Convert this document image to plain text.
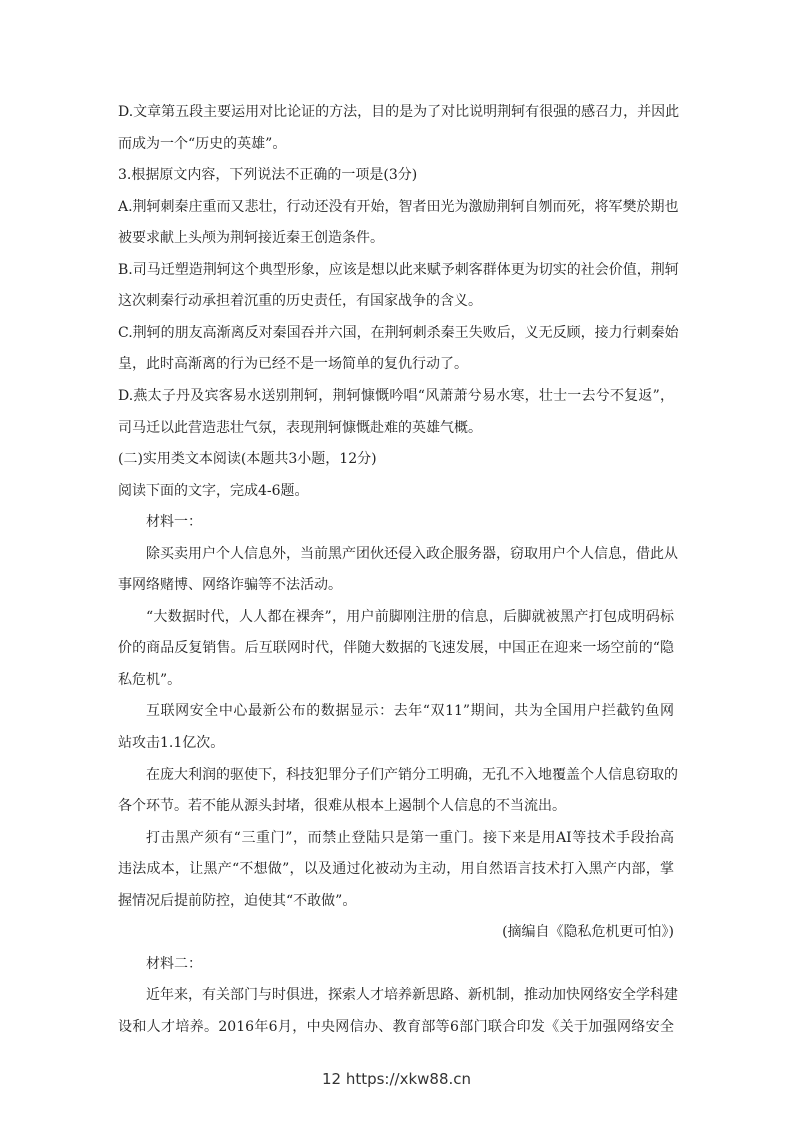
D.文章第五段主要运用对比论证的方法，目的是为了对比说明荆轲有很强的感召力，并因此
而成为一个“历史的英雄”。
3.根据原文内容，下列说法不正确的一项是(3分)
A.荆轲刺秦庄重而又悲壮，行动还没有开始，智者田光为激励荆轲自刎而死，将军樊於期也
被要求献上头颅为荆轲接近秦王创造条件。
B.司马迁塑造荆轲这个典型形象，应该是想以此来赋予刺客群体更为切实的社会价值，荆轲
这次刺秦行动承担着沉重的历史责任，有国家战争的含义。
C.荆轲的朋友高渐离反对秦国吞并六国，在荆轲刺杀秦王失败后，义无反顾，接力行刺秦始
皇，此时高渐离的行为已经不是一场简单的复仇行动了。
D.燕太子丹及宾客易水送别荆轲，荆轲慷慨吟唱“风萧萧兮易水寒，壮士一去兮不复返”，
司马迁以此营造悲壮气氛，表现荆轲慷慨赴难的英雄气概。
(二)实用类文本阅读(本题共3小题，12分)
阅读下面的文字，完成4-6题。
材料一：
除买卖用户个人信息外，当前黑产团伙还侵入政企服务器，窃取用户个人信息，借此从
事网络赌博、网络诈骗等不法活动。
“大数据时代，人人都在裸奔”，用户前脚刚注册的信息，后脚就被黑产打包成明码标
价的商品反复销售。后互联网时代，伴随大数据的飞速发展，中国正在迎来一场空前的“隐
私危机”。
互联网安全中心最新公布的数据显示：去年“双11”期间，共为全国用户拦截钓鱼网
站攻击1.1亿次。
在庞大利润的驱使下，科技犯罪分子们产销分工明确，无孔不入地覆盖个人信息窃取的
各个环节。若不能从源头封堵，很难从根本上遏制个人信息的不当流出。
打击黑产须有“三重门”，而禁止登陆只是第一重门。接下来是用AI等技术手段抬高
违法成本，让黑产“不想做”，以及通过化被动为主动，用自然语言技术打入黑产内部，掌
握情况后提前防控，迫使其“不敢做”。
(摘编自《隐私危机更可怕》)
材料二：
近年来，有关部门与时俱进，探索人才培养新思路、新机制，推动加快网络安全学科建
设和人才培养。2016年6月，中央网信办、教育部等6部门联合印发《关于加强网络安全
12 https://xkw88.cn
